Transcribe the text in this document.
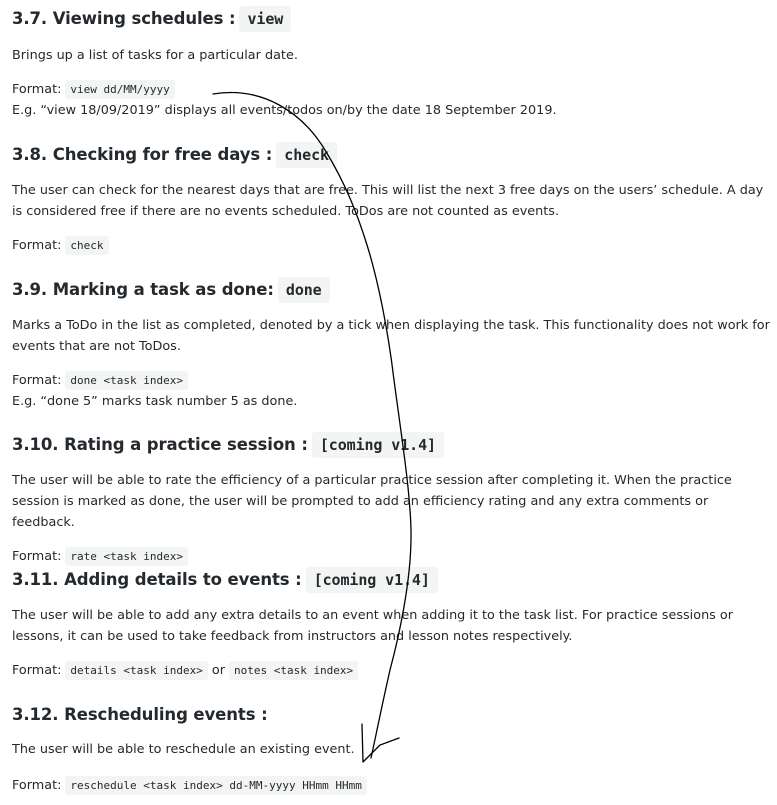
3.7. Viewing schedules : view

Brings up a list of tasks for a particular date.

Format: view dd/MM/yyyy

E.g. “view 18/09/2019” displays all events/todos on/by the date 18 September 2019.

3.8. Checking for free days : check

The user can check for the nearest days that are free. This will list the next 3 free days on the users’ schedule. A day is considered free if there are no events scheduled. ToDos are not counted as events.

Format: check

3.9. Marking a task as done: done

Marks a ToDo in the list as completed, denoted by a tick when displaying the task. This functionality does not work for events that are not ToDos.

Format: done <task index>

E.g. “done 5” marks task number 5 as done.

3.10. Rating a practice session : [coming v1.4]

The user will be able to rate the efficiency of a particular practice session after completing it. When the practice session is marked as done, the user will be prompted to add an efficiency rating and any extra comments or feedback.

Format: rate <task index>

3.11. Adding details to events : [coming v1.4]

The user will be able to add any extra details to an event when adding it to the task list. For practice sessions or lessons, it can be used to take feedback from instructors and lesson notes respectively.

Format: details <task index> or notes <task index>

3.12. Rescheduling events :

The user will be able to reschedule an existing event.

Format: reschedule <task index> dd-MM-yyyy HHmm HHmm
